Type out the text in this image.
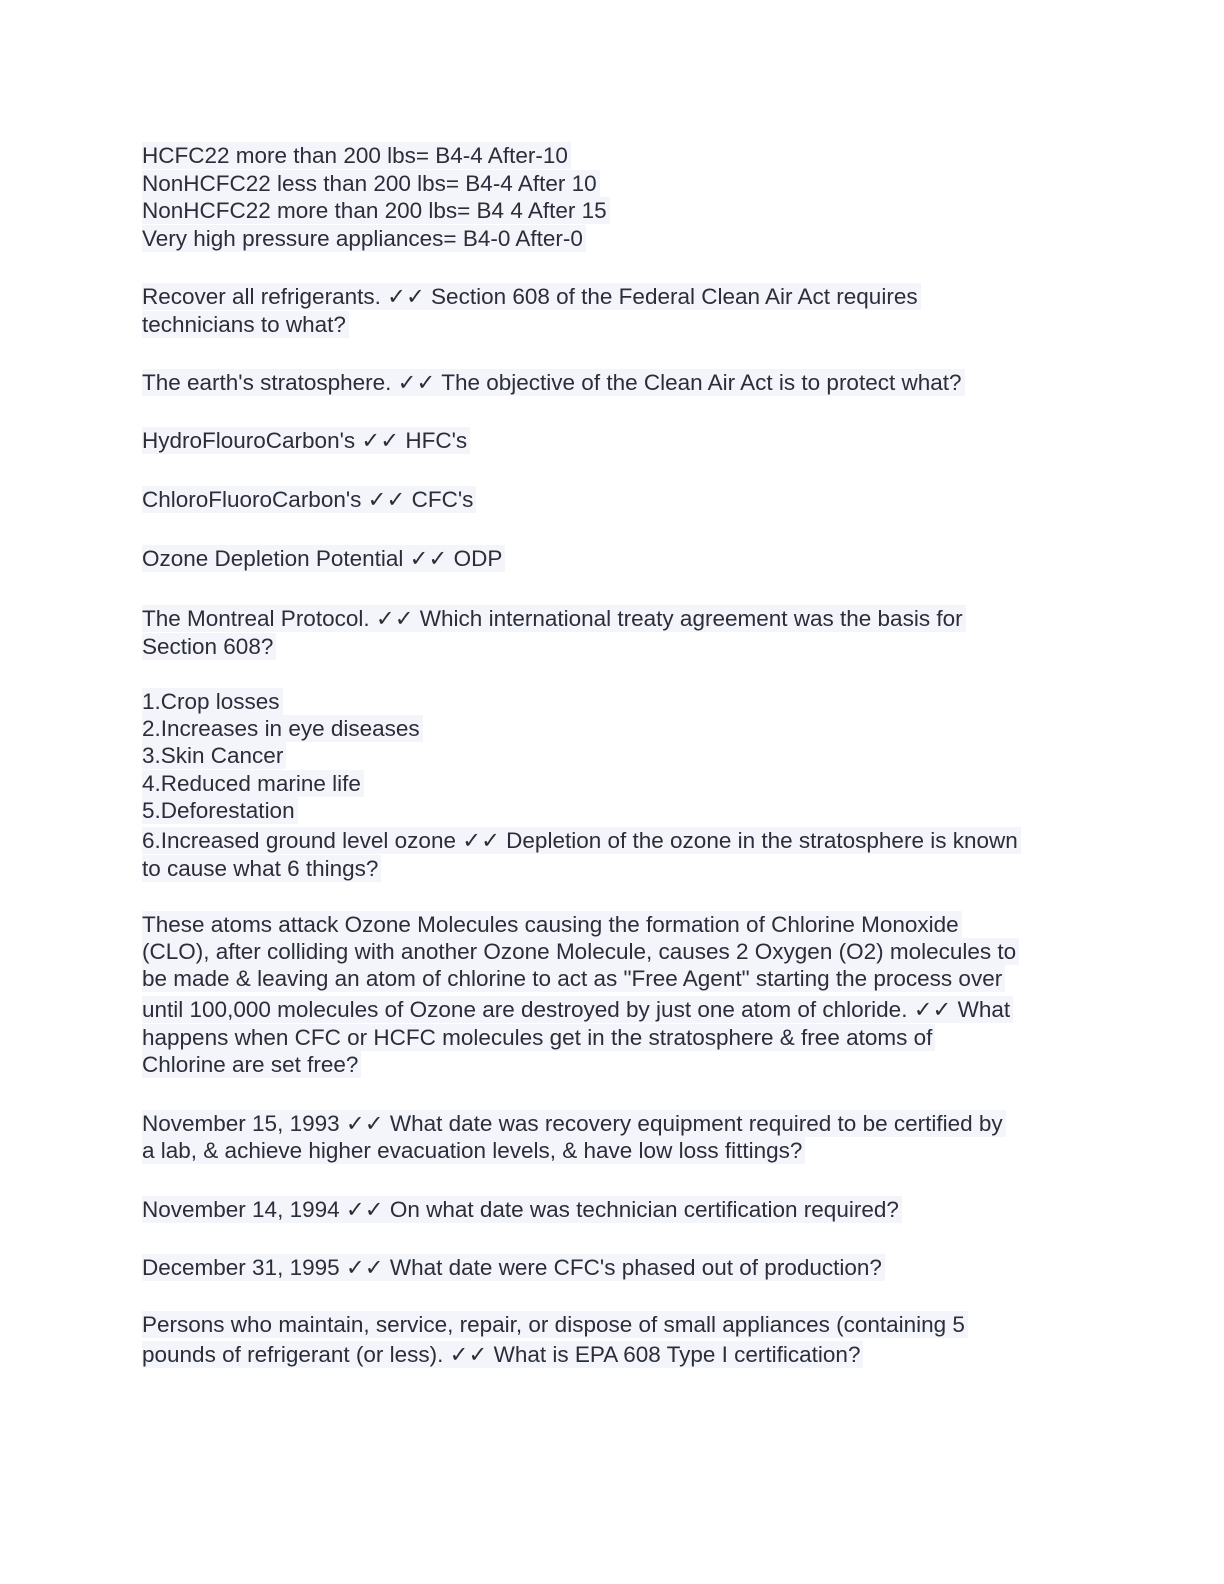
HCFC22 more than 200 lbs= B4-4 After-10
NonHCFC22 less than 200 lbs= B4-4 After 10
NonHCFC22 more than 200 lbs= B4 4 After 15
Very high pressure appliances= B4-0 After-0
Recover all refrigerants. ✓✓ Section 608 of the Federal Clean Air Act requires
technicians to what?
The earth's stratosphere. ✓✓ The objective of the Clean Air Act is to protect what?
HydroFlouroCarbon's ✓✓ HFC's
ChloroFluoroCarbon's ✓✓ CFC's
Ozone Depletion Potential ✓✓ ODP
The Montreal Protocol. ✓✓ Which international treaty agreement was the basis for
Section 608?
1.Crop losses
2.Increases in eye diseases
3.Skin Cancer
4.Reduced marine life
5.Deforestation
6.Increased ground level ozone ✓✓ Depletion of the ozone in the stratosphere is known
to cause what 6 things?
These atoms attack Ozone Molecules causing the formation of Chlorine Monoxide
(CLO), after colliding with another Ozone Molecule, causes 2 Oxygen (O2) molecules to
be made & leaving an atom of chlorine to act as "Free Agent" starting the process over
until 100,000 molecules of Ozone are destroyed by just one atom of chloride. ✓✓ What
happens when CFC or HCFC molecules get in the stratosphere & free atoms of
Chlorine are set free?
November 15, 1993 ✓✓ What date was recovery equipment required to be certified by
a lab, & achieve higher evacuation levels, & have low loss fittings?
November 14, 1994 ✓✓ On what date was technician certification required?
December 31, 1995 ✓✓ What date were CFC's phased out of production?
Persons who maintain, service, repair, or dispose of small appliances (containing 5
pounds of refrigerant (or less). ✓✓ What is EPA 608 Type I certification?
